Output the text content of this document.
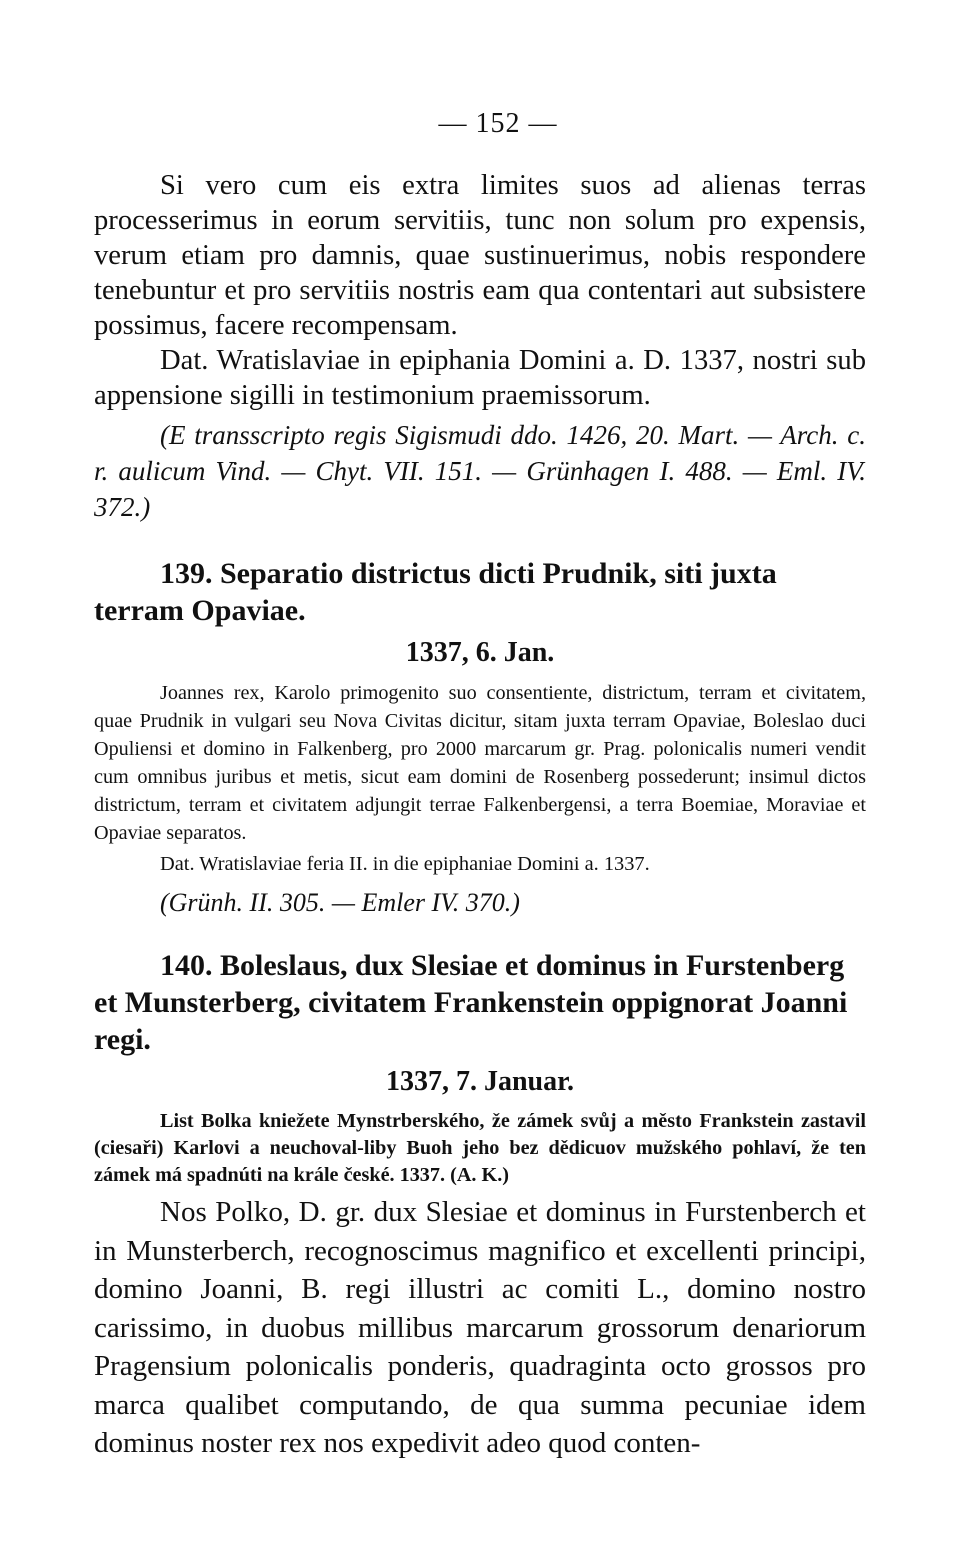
— 152 —

Si vero cum eis extra limites suos ad alienas terras processerimus in eorum servitiis, tunc non solum pro expensis, verum etiam pro damnis, quae sustinuerimus, nobis respondere tenebuntur et pro servitiis nostris eam qua contentari aut subsistere possimus, facere recompensam.

Dat. Wratislaviae in epiphania Domini a. D. 1337, nostri sub appensione sigilli in testimonium praemissorum.

(E transscripto regis Sigismudi ddo. 1426, 20. Mart. — Arch. c. r. aulicum Vind. — Chyt. VII. 151. — Grünhagen I. 488. — Eml. IV. 372.)

139. Separatio districtus dicti Prudnik, siti juxta terram Opaviae.

1337, 6. Jan.

Joannes rex, Karolo primogenito suo consentiente, districtum, terram et civitatem, quae Prudnik in vulgari seu Nova Civitas dicitur, sitam juxta terram Opaviae, Boleslao duci Opuliensi et domino in Falkenberg, pro 2000 marcarum gr. Prag. polonicalis numeri vendit cum omnibus juribus et metis, sicut eam domini de Rosenberg possederunt; insimul dictos districtum, terram et civitatem adjungit terrae Falkenbergensi, a terra Boemiae, Moraviae et Opaviae separatos.

Dat. Wratislaviae feria II. in die epiphaniae Domini a. 1337.

(Grünh. II. 305. — Emler IV. 370.)

140. Boleslaus, dux Slesiae et dominus in Furstenberg et Munsterberg, civitatem Frankenstein oppignorat Joanni regi.

1337, 7. Januar.

List Bolka kniežete Mynstrberského, že zámek svůj a město Frankstein zastavil (ciesaři) Karlovi a neuchoval-liby Buoh jeho bez dědicuov mužského pohlaví, že ten zámek má spadnúti na krále české. 1337. (A. K.)

Nos Polko, D. gr. dux Slesiae et dominus in Furstenberch et in Munsterberch, recognoscimus magnifico et excellenti principi, domino Joanni, B. regi illustri ac comiti L., domino nostro carissimo, in duobus millibus marcarum grossorum denariorum Pragensium polonicalis ponderis, quadraginta octo grossos pro marca qualibet computando, de qua summa pecuniae idem dominus noster rex nos expedivit adeo quod conten-
